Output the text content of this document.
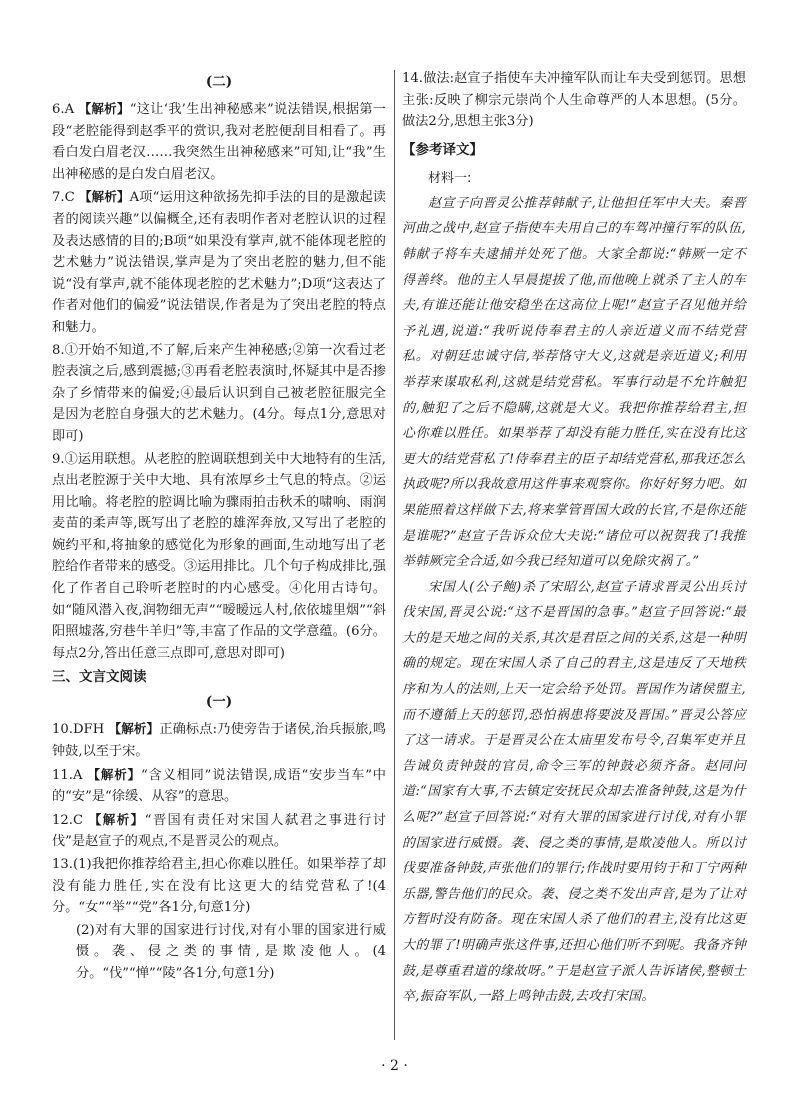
(二)

6.A 【解析】“这让‘我’生出神秘感来”说法错误,根据第一段“老腔能得到赵季平的赏识,我对老腔便刮目相看了。再看白发白眉老汉……我突然生出神秘感来”可知,让“我”生出神秘感的是白发白眉老汉。

7.C 【解析】A项“运用这种欲扬先抑手法的目的是激起读者的阅读兴趣”以偏概全,还有表明作者对老腔认识的过程及表达感情的目的;B项“如果没有掌声,就不能体现老腔的艺术魅力”说法错误,掌声是为了突出老腔的魅力,但不能说“没有掌声,就不能体现老腔的艺术魅力”;D项“这表达了作者对他们的偏爱”说法错误,作者是为了突出老腔的特点和魅力。

8.①开始不知道,不了解,后来产生神秘感;②第一次看过老腔表演之后,感到震撼;③再看老腔表演时,怀疑其中是否掺杂了乡情带来的偏爱;④最后认识到自己被老腔征服完全是因为老腔自身强大的艺术魅力。(4分。每点1分,意思对即可)

9.①运用联想。从老腔的腔调联想到关中大地特有的生活,点出老腔源于关中大地、具有浓厚乡土气息的特点。②运用比喻。将老腔的腔调比喻为骤雨拍击秋禾的啸响、雨润麦苗的柔声等,既写出了老腔的雄浑奔放,又写出了老腔的婉约平和,将抽象的感觉化为形象的画面,生动地写出了老腔给作者带来的感受。③运用排比。几个句子构成排比,强化了作者自己聆听老腔时的内心感受。④化用古诗句。如“随风潜入夜,润物细无声”“暧暧远人村,依依墟里烟”“斜阳照墟落,穷巷牛羊归”等,丰富了作品的文学意蕴。(6分。每点2分,答出任意三点即可,意思对即可)

三、文言文阅读
(一)

10.DFH 【解析】正确标点:乃使旁告于诸侯,治兵振旅,鸣钟鼓,以至于宋。

11.A 【解析】“含义相同”说法错误,成语“安步当车”中的“安”是“徐缓、从容”的意思。

12.C 【解析】“晋国有责任对宋国人弑君之事进行讨伐”是赵宣子的观点,不是晋灵公的观点。

13.(1)我把你推荐给君主,担心你难以胜任。如果举荐了却没有能力胜任,实在没有比这更大的结党营私了!(4分。“女”“举”“党”各1分,句意1分)

(2)对有大罪的国家进行讨伐,对有小罪的国家进行威慑。袭、侵之类的事情,是欺凌他人。(4分。“伐”“惮”“陵”各1分,句意1分)

14.做法:赵宣子指使车夫冲撞军队而让车夫受到惩罚。思想主张:反映了柳宗元崇尚个人生命尊严的人本思想。(5分。做法2分,思想主张3分)

【参考译文】
材料一:

赵宣子向晋灵公推荐韩献子,让他担任军中大夫。秦晋河曲之战中,赵宣子指使车夫用自己的车驾冲撞行军的队伍,韩献子将车夫逮捕并处死了他。大家全都说:“韩厥一定不得善终。他的主人早晨提拔了他,而他晚上就杀了主人的车夫,有谁还能让他安稳坐在这高位上呢!”赵宣子召见他并给予礼遇,说道:“我听说侍奉君主的人亲近道义而不结党营私。对朝廷忠诚守信,举荐恪守大义,这就是亲近道义;利用举荐来谋取私利,这就是结党营私。军事行动是不允许触犯的,触犯了之后不隐瞒,这就是大义。我把你推荐给君主,担心你难以胜任。如果举荐了却没有能力胜任,实在没有比这更大的结党营私了!侍奉君主的臣子却结党营私,那我还怎么执政呢?所以我故意用这件事来观察你。你好好努力吧。如果能照着这样做下去,将来掌管晋国大政的长官,不是你还能是谁呢?”赵宣子告诉众位大夫说:“诸位可以祝贺我了!我推举韩厥完全合适,如今我已经知道可以免除灾祸了。”

宋国人(公子鲍)杀了宋昭公,赵宣子请求晋灵公出兵讨伐宋国,晋灵公说:“这不是晋国的急事。”赵宣子回答说:“最大的是天地之间的关系,其次是君臣之间的关系,这是一种明确的规定。现在宋国人杀了自己的君主,这是违反了天地秩序和为人的法则,上天一定会给予处罚。晋国作为诸侯盟主,而不遵循上天的惩罚,恐怕祸患将要波及晋国。”晋灵公答应了这一请求。于是晋灵公在太庙里发布号令,召集军吏并且告诫负责钟鼓的官员,命令三军的钟鼓必须齐备。赵同问道:“国家有大事,不去镇定安抚民众却去准备钟鼓,这是为什么呢?”赵宣子回答说:“对有大罪的国家进行讨伐,对有小罪的国家进行威慑。袭、侵之类的事情,是欺凌他人。所以讨伐要准备钟鼓,声张他们的罪行;作战时要用钧于和丁宁两种乐器,警告他们的民众。袭、侵之类不发出声音,是为了让对方暂时没有防备。现在宋国人杀了他们的君主,没有比这更大的罪了!明确声张这件事,还担心他们听不到呢。我备齐钟鼓,是尊重君道的缘故呀。”于是赵宣子派人告诉诸侯,整顿士卒,振奋军队,一路上鸣钟击鼓,去攻打宋国。

· 2 ·
